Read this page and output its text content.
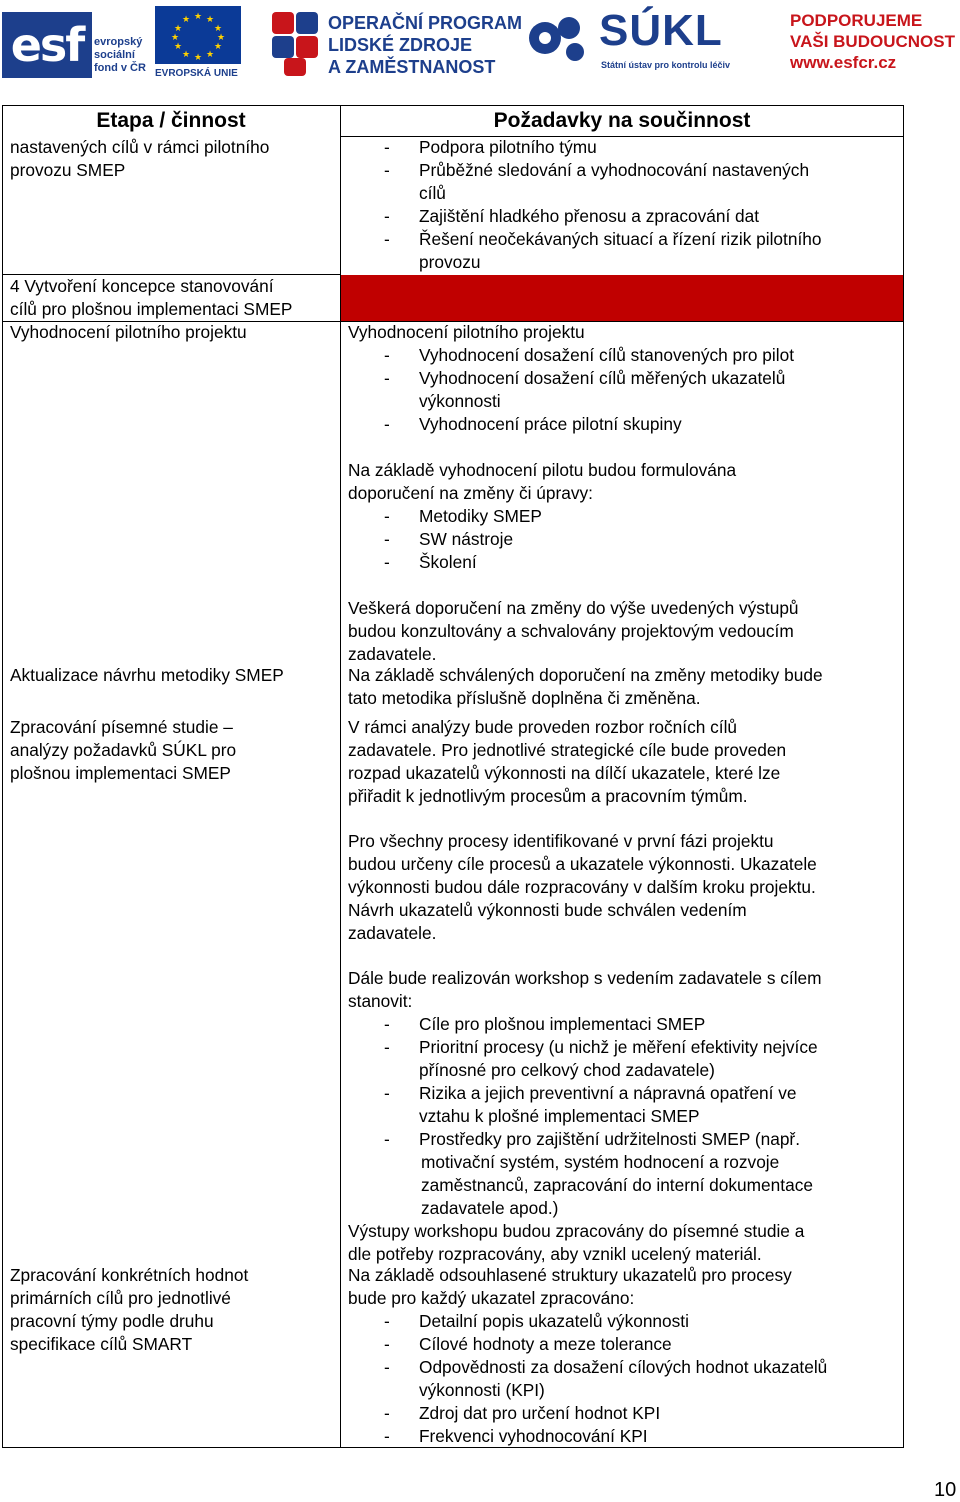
esf evropský
sociální
fond v ČR
★ ★
★
★
★
★
★
★
★
★
★
★
EVROPSKÁ UNIE
OPERAČNÍ PROGRAM
LIDSKÉ ZDROJE
A ZAMĚSTNANOST
SÚKL
Státní ústav pro kontrolu léčiv
PODPORUJEME
VAŠI BUDOUCNOST
www.esfcr.cz
Etapa / činnost	Požadavky na součinnost
nastavených cílů v rámci pilotního
provozu SMEP
4 Vytvoření koncepce stanovování
cílů pro plošnou implementaci SMEP
Vyhodnocení pilotního projektu
Aktualizace návrhu metodiky SMEP
Zpracování písemné studie –
analýzy požadavků SÚKL pro
plošnou implementaci SMEP
Zpracování konkrétních hodnot
primárních cílů pro jednotlivé
pracovní týmy podle druhu
specifikace cílů SMART
- Podpora pilotního týmu
- Průběžné sledování a vyhodnocování nastavených
cílů
- Zajištění hladkého přenosu a zpracování dat
- Řešení neočekávaných situací a řízení rizik pilotního
provozu
Vyhodnocení pilotního projektu
- Vyhodnocení dosažení cílů stanovených pro pilot
- Vyhodnocení dosažení cílů měřených ukazatelů
výkonnosti
- Vyhodnocení práce pilotní skupiny
Na základě vyhodnocení pilotu budou formulována
doporučení na změny či úpravy:
- Metodiky SMEP
- SW nástroje
- Školení
Veškerá doporučení na změny do výše uvedených výstupů
budou konzultovány a schvalovány projektovým vedoucím
zadavatele.
Na základě schválených doporučení na změny metodiky bude
tato metodika příslušně doplněna či změněna.
V rámci analýzy bude proveden rozbor ročních cílů
zadavatele. Pro jednotlivé strategické cíle bude proveden
rozpad ukazatelů výkonnosti na dílčí ukazatele, které lze
přiřadit k jednotlivým procesům a pracovním týmům.
Pro všechny procesy identifikované v první fázi projektu
budou určeny cíle procesů a ukazatele výkonnosti. Ukazatele
výkonnosti budou dále rozpracovány v dalším kroku projektu.
Návrh ukazatelů výkonnosti bude schválen vedením
zadavatele.
Dále bude realizován workshop s vedením zadavatele s cílem
stanovit:
- Cíle pro plošnou implementaci SMEP
- Prioritní procesy (u nichž je měření efektivity nejvíce
přínosné pro celkový chod zadavatele)
- Rizika a jejich preventivní a nápravná opatření ve
vztahu k plošné implementaci SMEP
- Prostředky pro zajištění udržitelnosti SMEP (např.
motivační systém, systém hodnocení a rozvoje
zaměstnanců, zapracování do interní dokumentace
zadavatele apod.)
Výstupy workshopu budou zpracovány do písemné studie a
dle potřeby rozpracovány, aby vznikl ucelený materiál.
Na základě odsouhlasené struktury ukazatelů pro procesy
bude pro každý ukazatel zpracováno:
- Detailní popis ukazatelů výkonnosti
- Cílové hodnoty a meze tolerance
- Odpovědnosti za dosažení cílových hodnot ukazatelů
výkonnosti (KPI)
- Zdroj dat pro určení hodnot KPI
- Frekvenci vyhodnocování KPI
10
